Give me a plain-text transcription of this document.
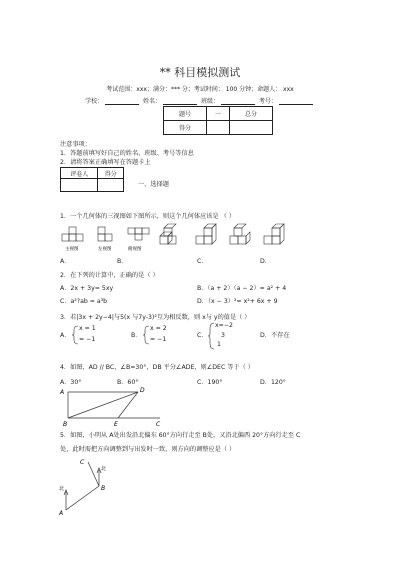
** 科目模拟测试
考试范围：xxx；满分：*** 分；考试时间： 100 分钟；命题人： xxx
学校：	姓名：	班级：	考号：
题号	一	总分
得分		
注意事项：
1．答题前填写好自己的姓名、班级、考号等信息
2．请将答案正确填写在答题卡上
评卷人	得分

一、选择题
1．一个几何体的三视图如下图所示，则这个几何体应该是 （ ）
主视图	左视图	俯视图
A．	B．	C．	D．
2．在下列的计算中，正确的是（ ）
A．2x + 3y= 5xy	B．（a + 2）（a − 2）= a² + 4
C．a²?ab = a³b	D．（x − 3）²= x²+ 6x + 9
3．若|3x + 2y−4|与5(x 与7y-3)²互为相反数，则 x与 y的值是（ ）
A．
x = 1
= −1
B．
x = 2
= −1
C．
x=−2
3
1
D．不存在
4．如图，AD // BC，∠B=30°，DB 平分∠ADE，则∠DEC 等于（ ）
A．30°	B．60°	C．190°	D．120°
A	D
B	E	C
5．如图，小明从 A处出发沿北偏东 60°方向行走至 B处，又沿北偏西 20°方向行走至 C
处，此时需把方向调整到与出发时一致，则方向的调整应是（ ）
C
B
A
北
北
